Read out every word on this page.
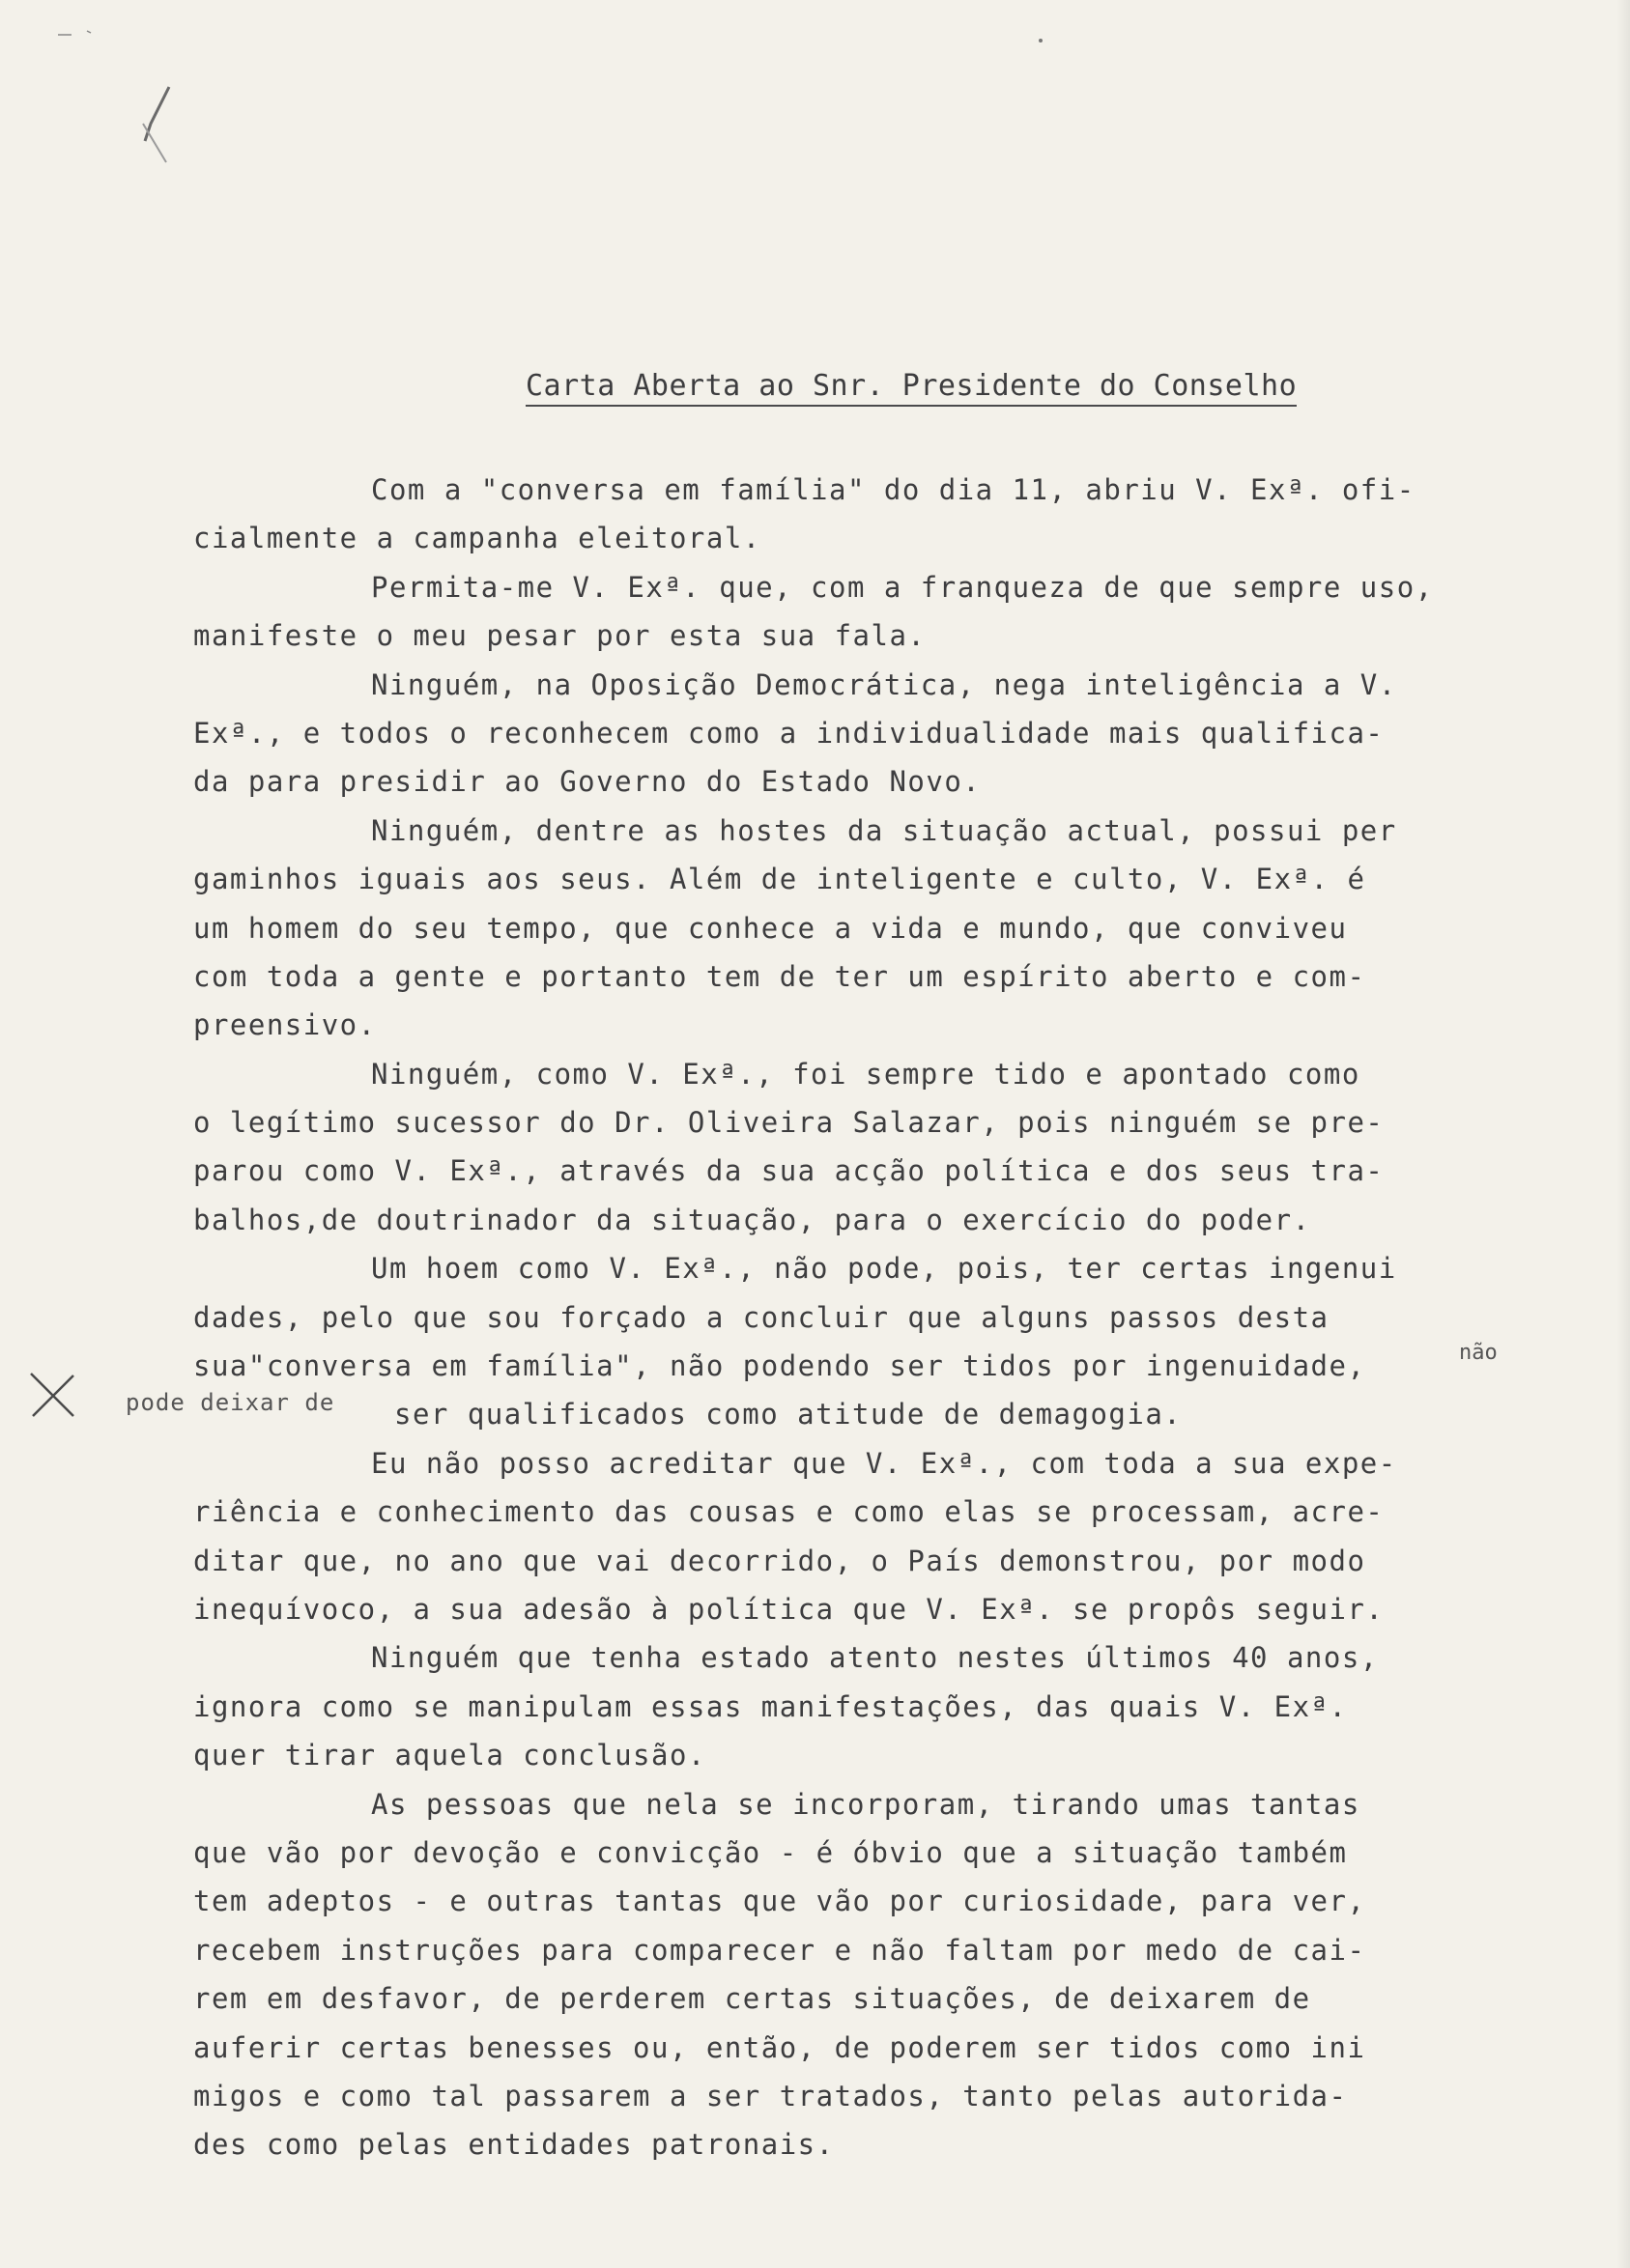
Carta Aberta ao Snr. Presidente do Conselho
Com a "conversa em família" do dia 11, abriu V. Exª. ofi-
cialmente a campanha eleitoral.
Permita-me V. Exª. que, com a franqueza de que sempre uso,
manifeste o meu pesar por esta sua fala.
Ninguém, na Oposição Democrática, nega inteligência a V.
Exª., e todos o reconhecem como a individualidade mais qualifica-
da para presidir ao Governo do Estado Novo.
Ninguém, dentre as hostes da situação actual, possui per
gaminhos iguais aos seus. Além de inteligente e culto, V. Exª. é
um homem do seu tempo, que conhece a vida e mundo, que conviveu
com toda a gente e portanto tem de ter um espírito aberto e com-
preensivo.
Ninguém, como V. Exª., foi sempre tido e apontado como
o legítimo sucessor do Dr. Oliveira Salazar, pois ninguém se pre-
parou como V. Exª., através da sua acção política e dos seus tra-
balhos,de doutrinador da situação, para o exercício do poder.
Um hoem como V. Exª., não pode, pois, ter certas ingenui
dades, pelo que sou forçado a concluir que alguns passos desta
sua"conversa em família", não podendo ser tidos por ingenuidade,
ser qualificados como atitude de demagogia.
Eu não posso acreditar que V. Exª., com toda a sua expe-
riência e conhecimento das cousas e como elas se processam, acre-
ditar que, no ano que vai decorrido, o País demonstrou, por modo
inequívoco, a sua adesão à política que V. Exª. se propôs seguir.
Ninguém que tenha estado atento nestes últimos 40 anos,
ignora como se manipulam essas manifestações, das quais V. Exª.
quer tirar aquela conclusão.
As pessoas que nela se incorporam, tirando umas tantas
que vão por devoção e convicção - é óbvio que a situação também
tem adeptos - e outras tantas que vão por curiosidade, para ver,
recebem instruções para comparecer e não faltam por medo de cai-
rem em desfavor, de perderem certas situações, de deixarem de
auferir certas benesses ou, então, de poderem ser tidos como ini
migos e como tal passarem a ser tratados, tanto pelas autorida-
des como pelas entidades patronais.
pode deixar de
não
